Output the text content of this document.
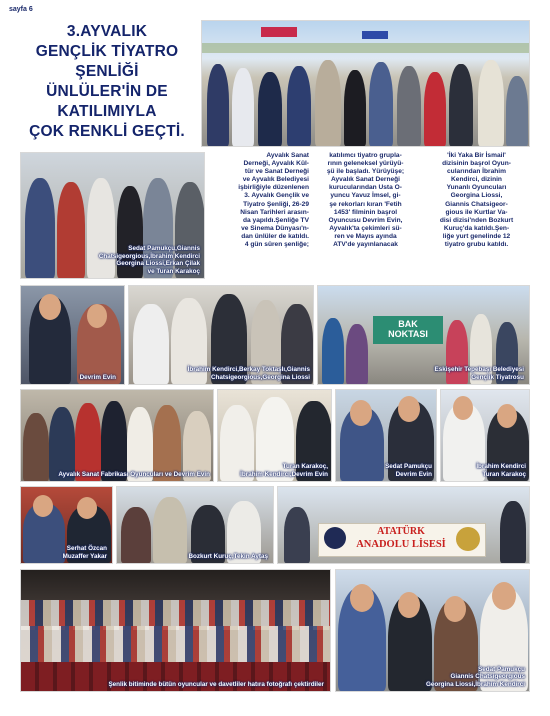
sayfa 6
3.AYVALIK
GENÇLİK TİYATRO
ŞENLİĞİ
ÜNLÜLER'İN DE
KATILIMIYLA
ÇOK RENKLİ GEÇTİ.
Sedat Pamukçu,Giannis
Chatsigeorgious,İbrahim Kendirci
Georgina Liossi,Erkan Çilak
ve Turan Karakoç
Ayvalık Sanat
Derneği, Ayvalık Kül-
tür ve Sanat Derneği
ve Ayvalık Belediyesi
işbirliğiyle düzenlenen
3. Ayvalık Gençlik ve
Tiyatro Şenliği, 26-29
Nisan Tarihleri arasın-
da yapıldı.Şenliğe TV
ve Sinema Dünyası'n-
dan ünlüler de katıldı.
4 gün süren şenliğe;
katılımcı tiyatro grupla-
rının geleneksel yürüyü-
şü ile başladı. Yürüyüşe;
Ayvalık Sanat Derneği
kurucularından Usta O-
yuncu Yavuz İmsel, gi-
şe rekorları kıran 'Fetih
1453' filminin başrol
Oyuncusu Devrim Evin,
Ayvalık'ta çekimleri sü-
ren ve Mayıs ayında
ATV'de yayınlanacak
'İki Yaka Bir İsmail'
dizisinin başrol Oyun-
cularından İbrahim
Kendirci, dizinin
Yunanlı Oyuncuları
Georgina Liossi,
Giannis Chatsigeor-
gious ile Kurtlar Va-
disi dizisi'nden Bozkurt
Kuruç'da katıldı.Şen-
liğe yurt genelinde 12
tiyatro grubu katıldı.
Devrim Evin
İbrahim Kendirci,Berkay Toktaşlı,Giannis
Chatsigeorgious,Georgina Liossi
BAK
NOKTASI
Eskişehir Tepebaşı Belediyesi
Gençlik Tiyatrosu
Ayvalık Sanat Fabrikası Oyuncuları ve Devrim Evin
Turan Karakoç,
İbrahim Kendirci,Devrim Evin
Sedat Pamukçu
Devrim Evin
İbrahim Kendirci
Turan Karakoç
Serhat Özcan
Muzaffer Yakar	Bozkurt Kuruç,Tekin Aytaş
ATATÜRK
ANADOLU LİSESİ
Şenlik bitiminde bütün oyuncular ve davetliler hatıra fotoğrafı çektirdiler
Sedat Pamukçu
Giannis Chatsigeorgious
Georgina Liossi,İbrahim Kendirci
